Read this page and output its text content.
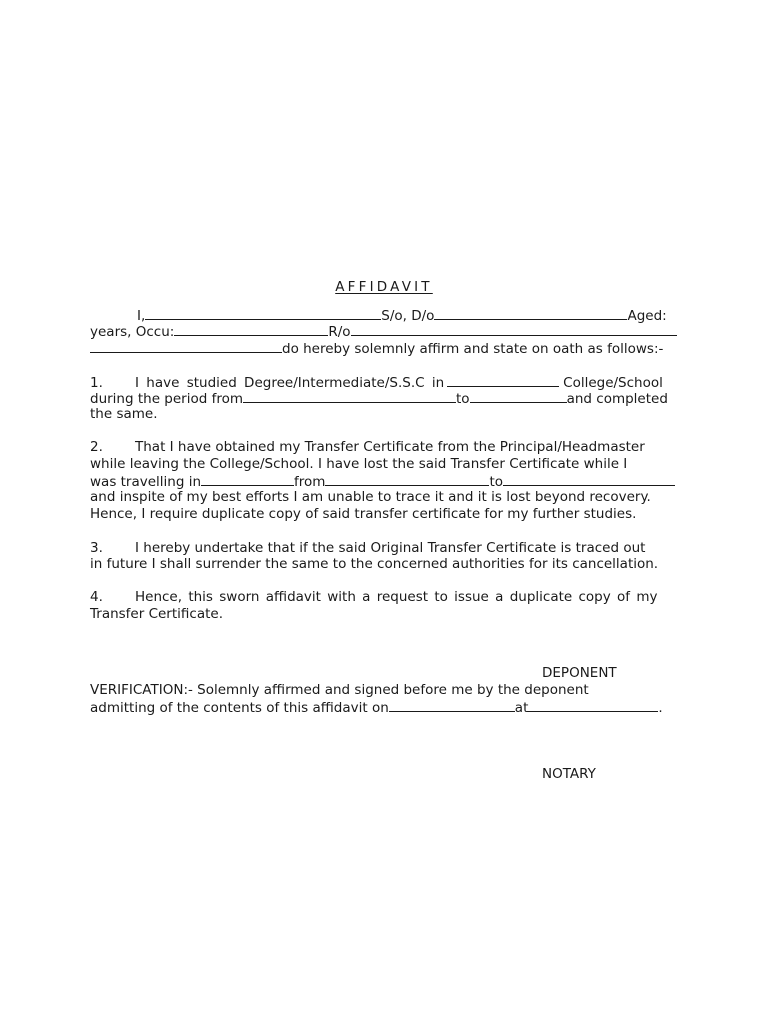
AFFIDAVIT
I,	S/o, D/o	Aged:
years, Occu:	R/o
do hereby solemnly affirm and state on oath as follows:-
1. I have studied Degree/Intermediate/S.S.C in	College/School
during the period from	to	and completed
the same.
2. That I have obtained my Transfer Certificate from the Principal/Headmaster
while leaving the College/School. I have lost the said Transfer Certificate while I
was travelling in	from	to
and inspite of my best efforts I am unable to trace it and it is lost beyond recovery.
Hence, I require duplicate copy of said transfer certificate for my further studies.
3. I hereby undertake that if the said Original Transfer Certificate is traced out
in future I shall surrender the same to the concerned authorities for its cancellation.
4. Hence, this sworn affidavit with a request to issue a duplicate copy of my
Transfer Certificate.
DEPONENT
VERIFICATION:- Solemnly affirmed and signed before me by the deponent
admitting of the contents of this affidavit on	at	.
NOTARY
